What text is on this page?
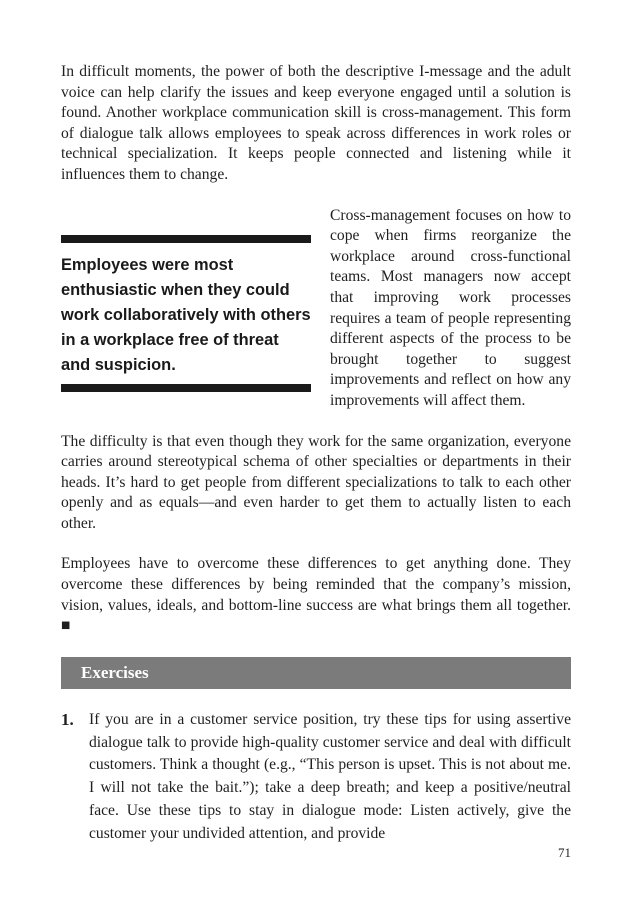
In difficult moments, the power of both the descriptive I-message and the adult voice can help clarify the issues and keep everyone engaged until a solution is found. Another workplace communication skill is cross-management. This form of dialogue talk allows employees to speak across differences in work roles or technical specialization. It keeps people connected and listening while it influences them to change.

Employees were most enthusiastic when they could work collaboratively with others in a workplace free of threat and suspicion.

Cross-management focuses on how to cope when firms reorganize the workplace around cross-functional teams. Most managers now accept that improving work processes requires a team of people representing different aspects of the process to be brought together to suggest improvements and reflect on how any improvements will affect them.

The difficulty is that even though they work for the same organization, everyone carries around stereotypical schema of other specialties or departments in their heads. It’s hard to get people from different specializations to talk to each other openly and as equals—and even harder to get them to actually listen to each other.

Employees have to overcome these differences to get anything done. They overcome these differences by being reminded that the company’s mission, vision, values, ideals, and bottom-line success are what brings them all together. ■

Exercises
1. If you are in a customer service position, try these tips for using assertive dialogue talk to provide high-quality customer service and deal with difficult customers. Think a thought (e.g., “This person is upset. This is not about me. I will not take the bait.”); take a deep breath; and keep a positive/neutral face. Use these tips to stay in dialogue mode: Listen actively, give the customer your undivided attention, and provide

71
